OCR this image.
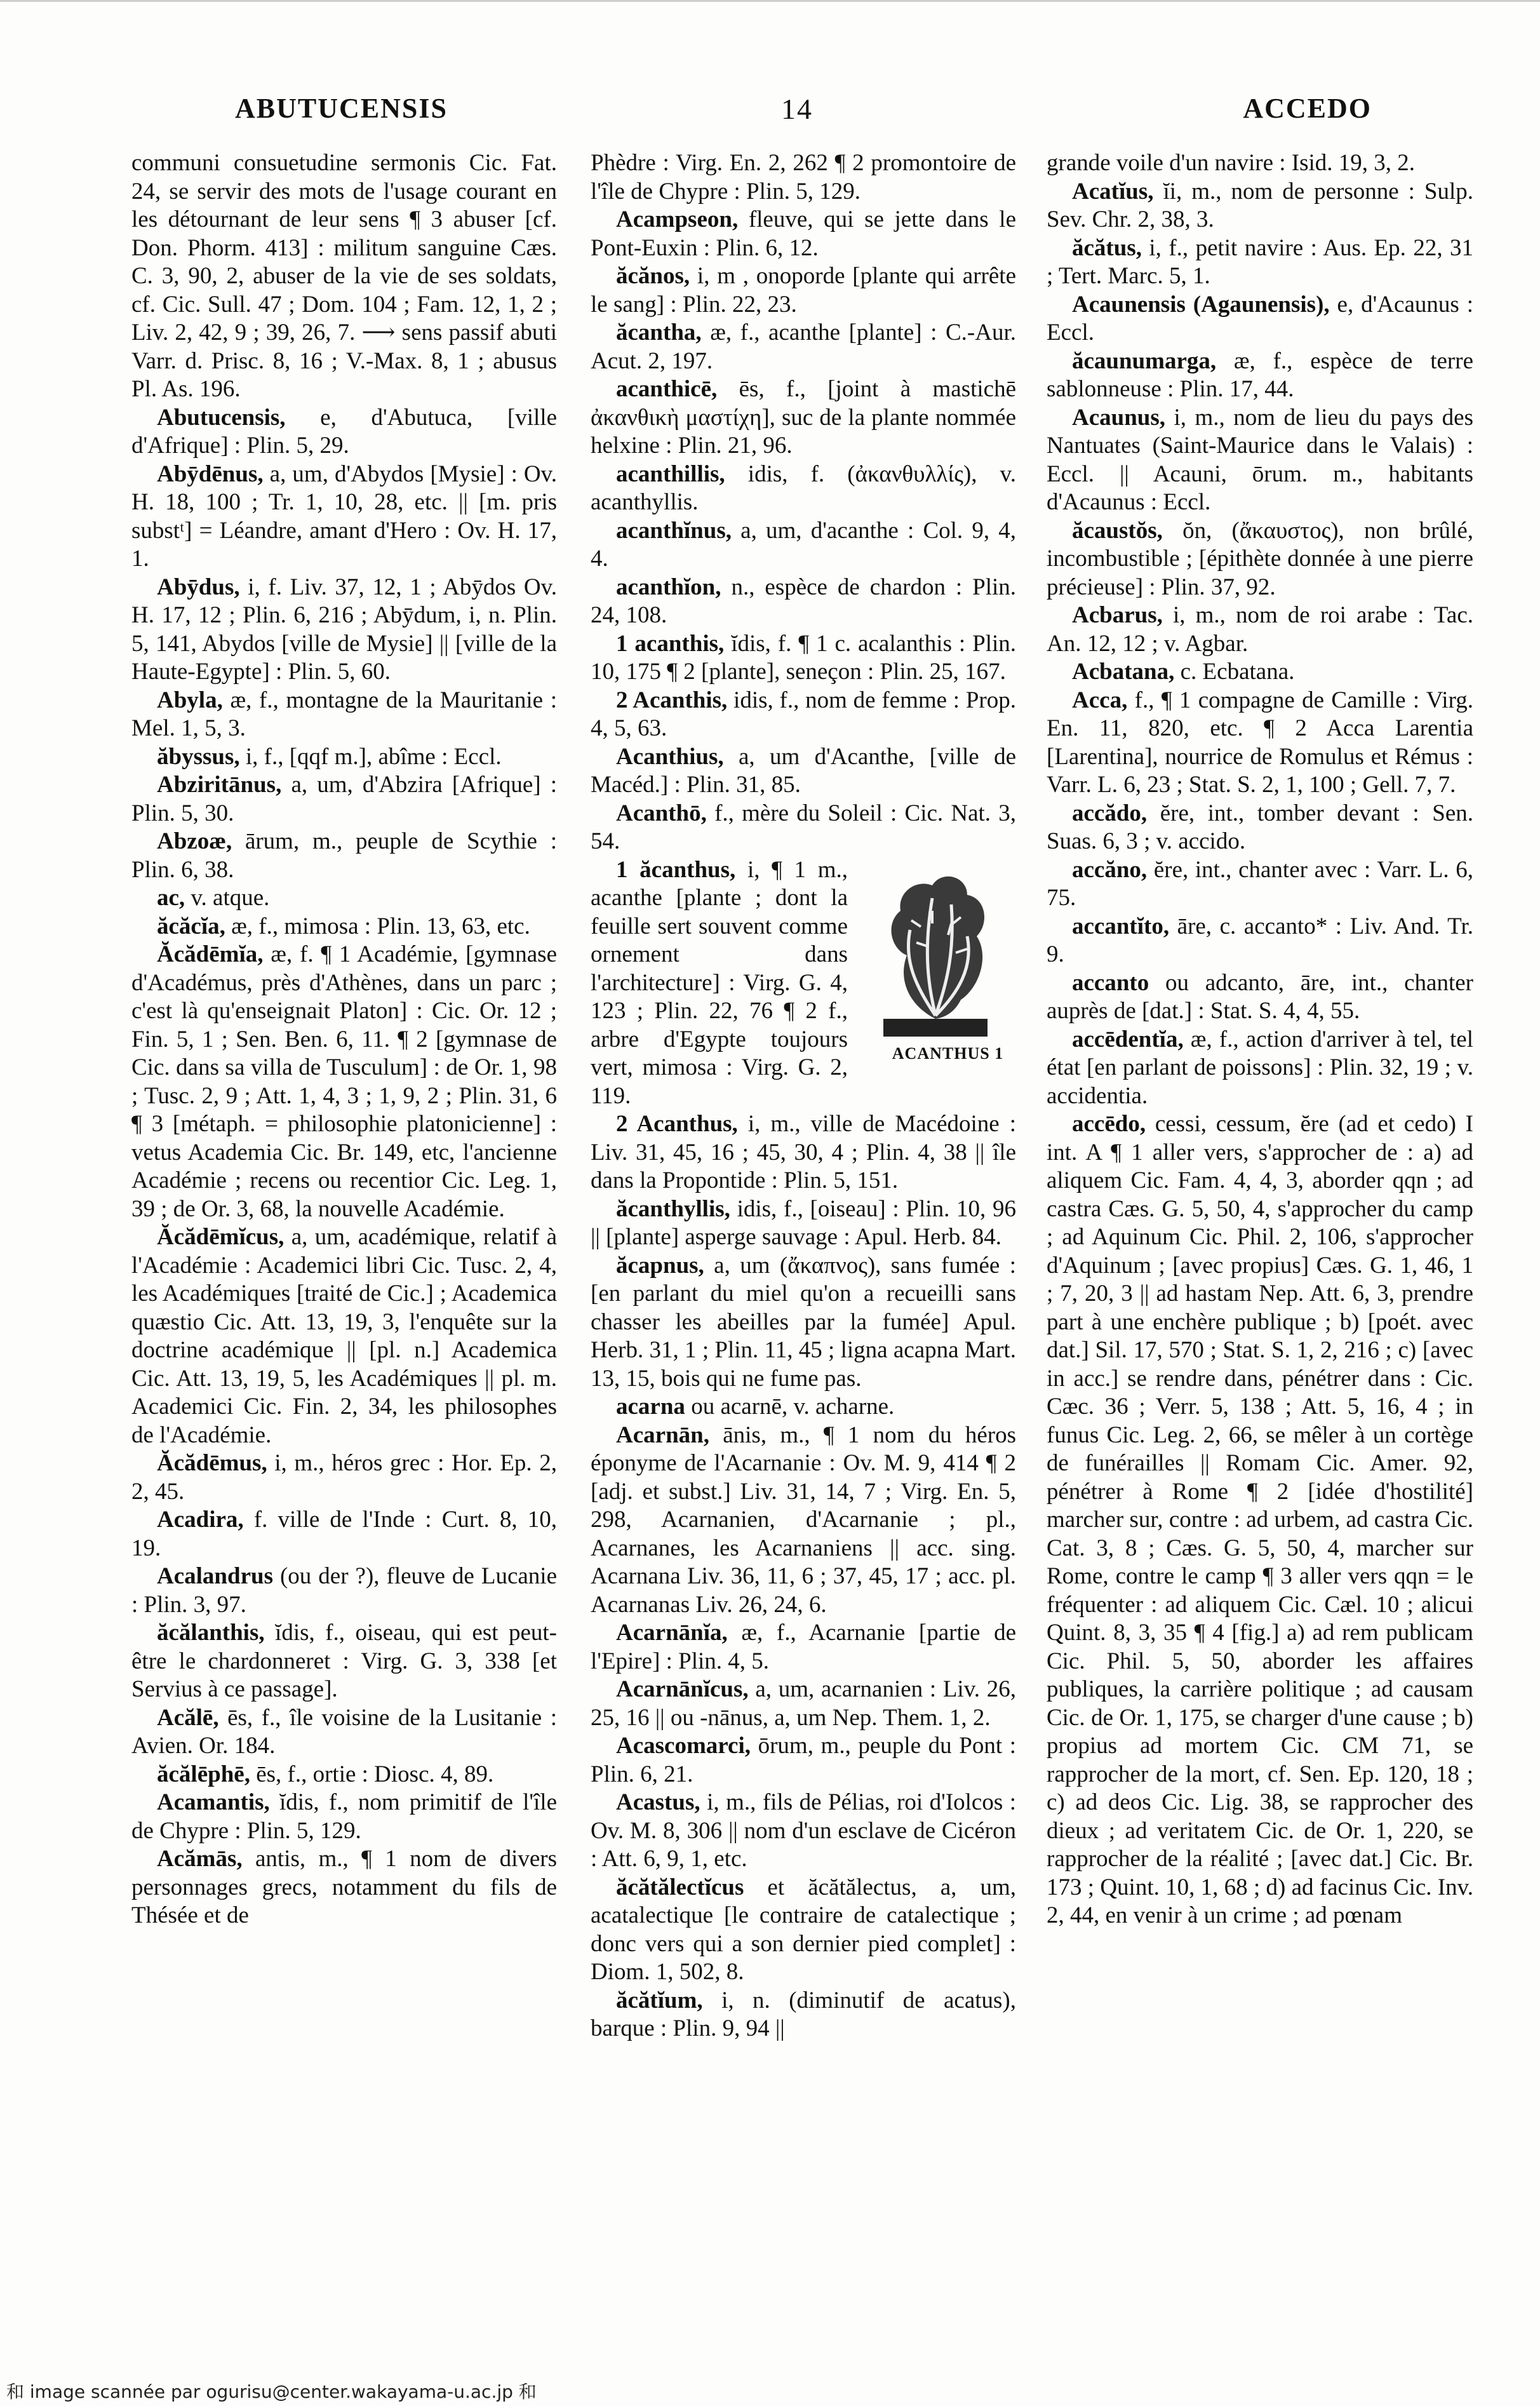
ABUTUCENSIS	14	ACCEDO

communi consuetudine sermonis Cic. Fat. 24, se servir des mots de l'usage courant en les détournant de leur sens ¶ 3 abuser [cf. Don. Phorm. 413] : militum sanguine Cæs. C. 3, 90, 2, abuser de la vie de ses soldats, cf. Cic. Sull. 47 ; Dom. 104 ; Fam. 12, 1, 2 ; Liv. 2, 42, 9 ; 39, 26, 7. ⟶ sens passif abuti Varr. d. Prisc. 8, 16 ; V.-Max. 8, 1 ; abusus Pl. As. 196.

Abutucensis, e, d'Abutuca, [ville d'Afrique] : Plin. 5, 29.

Abȳdēnus, a, um, d'Abydos [Mysie] : Ov. H. 18, 100 ; Tr. 1, 10, 28, etc. || [m. pris substᵗ] = Léandre, amant d'Hero : Ov. H. 17, 1.

Abȳdus, i, f. Liv. 37, 12, 1 ; Abȳdos Ov. H. 17, 12 ; Plin. 6, 216 ; Abȳdum, i, n. Plin. 5, 141, Abydos [ville de Mysie] || [ville de la Haute-Egypte] : Plin. 5, 60.

Abyla, æ, f., montagne de la Mauritanie : Mel. 1, 5, 3.

ăbyssus, i, f., [qqf m.], abîme : Eccl.

Abziritānus, a, um, d'Abzira [Afrique] : Plin. 5, 30.

Abzoæ, ārum, m., peuple de Scythie : Plin. 6, 38.

ac, v. atque.

ăcăcĭa, æ, f., mimosa : Plin. 13, 63, etc.

Ăcădēmĭa, æ, f. ¶ 1 Académie, [gymnase d'Académus, près d'Athènes, dans un parc ; c'est là qu'enseignait Platon] : Cic. Or. 12 ; Fin. 5, 1 ; Sen. Ben. 6, 11. ¶ 2 [gymnase de Cic. dans sa villa de Tusculum] : de Or. 1, 98 ; Tusc. 2, 9 ; Att. 1, 4, 3 ; 1, 9, 2 ; Plin. 31, 6 ¶ 3 [métaph. = philosophie platonicienne] : vetus Academia Cic. Br. 149, etc, l'ancienne Académie ; recens ou recentior Cic. Leg. 1, 39 ; de Or. 3, 68, la nouvelle Académie.

Ăcădēmĭcus, a, um, académique, relatif à l'Académie : Academici libri Cic. Tusc. 2, 4, les Académiques [traité de Cic.] ; Academica quæstio Cic. Att. 13, 19, 3, l'enquête sur la doctrine académique || [pl. n.] Academica Cic. Att. 13, 19, 5, les Académiques || pl. m. Academici Cic. Fin. 2, 34, les philosophes de l'Académie.

Ăcădēmus, i, m., héros grec : Hor. Ep. 2, 2, 45.

Acadira, f. ville de l'Inde : Curt. 8, 10, 19.

Acalandrus (ou der ?), fleuve de Lucanie : Plin. 3, 97.

ăcălanthis, ĭdis, f., oiseau, qui est peut-être le chardonneret : Virg. G. 3, 338 [et Servius à ce passage].

Acălē, ēs, f., île voisine de la Lusitanie : Avien. Or. 184.

ăcălēphē, ēs, f., ortie : Diosc. 4, 89.

Acamantis, ĭdis, f., nom primitif de l'île de Chypre : Plin. 5, 129.

Acămās, antis, m., ¶ 1 nom de divers personnages grecs, notamment du fils de Thésée et de

Phèdre : Virg. En. 2, 262 ¶ 2 promontoire de l'île de Chypre : Plin. 5, 129.

Acampseon, fleuve, qui se jette dans le Pont-Euxin : Plin. 6, 12.

ăcănos, i, m , onoporde [plante qui arrête le sang] : Plin. 22, 23.

ăcantha, æ, f., acanthe [plante] : C.-Aur. Acut. 2, 197.

acanthicē, ēs, f., [joint à mastichē ἀκανθικὴ μαστίχη], suc de la plante nommée helxine : Plin. 21, 96.

acanthillis, idis, f. (ἀκανθυλλίς), v. acanthyllis.

acanthĭnus, a, um, d'acanthe : Col. 9, 4, 4.

acanthĭon, n., espèce de chardon : Plin. 24, 108.

1 acanthis, ĭdis, f. ¶ 1 c. acalanthis : Plin. 10, 175 ¶ 2 [plante], seneçon : Plin. 25, 167.

2 Acanthis, idis, f., nom de femme : Prop. 4, 5, 63.

Acanthius, a, um d'Acanthe, [ville de Macéd.] : Plin. 31, 85.

Acanthō, f., mère du Soleil : Cic. Nat. 3, 54.

ACANTHUS 1
1 ăcanthus, i, ¶ 1 m., acanthe [plante ; dont la feuille sert souvent comme ornement dans l'architecture] : Virg. G. 4, 123 ; Plin. 22, 76 ¶ 2 f., arbre d'Egypte toujours vert, mimosa : Virg. G. 2, 119.

2 Acanthus, i, m., ville de Macédoine : Liv. 31, 45, 16 ; 45, 30, 4 ; Plin. 4, 38 || île dans la Propontide : Plin. 5, 151.

ăcanthyllis, idis, f., [oiseau] : Plin. 10, 96 || [plante] asperge sauvage : Apul. Herb. 84.

ăcapnus, a, um (ἄκαπνος), sans fumée : [en parlant du miel qu'on a recueilli sans chasser les abeilles par la fumée] Apul. Herb. 31, 1 ; Plin. 11, 45 ; ligna acapna Mart. 13, 15, bois qui ne fume pas.

acarna ou acarnē, v. acharne.

Acarnān, ānis, m., ¶ 1 nom du héros éponyme de l'Acarnanie : Ov. M. 9, 414 ¶ 2 [adj. et subst.] Liv. 31, 14, 7 ; Virg. En. 5, 298, Acarnanien, d'Acarnanie ; pl., Acarnanes, les Acarnaniens || acc. sing. Acarnana Liv. 36, 11, 6 ; 37, 45, 17 ; acc. pl. Acarnanas Liv. 26, 24, 6.

Acarnānĭa, æ, f., Acarnanie [partie de l'Epire] : Plin. 4, 5.

Acarnānĭcus, a, um, acarnanien : Liv. 26, 25, 16 || ou -nānus, a, um Nep. Them. 1, 2.

Acascomarci, ōrum, m., peuple du Pont : Plin. 6, 21.

Acastus, i, m., fils de Pélias, roi d'Iolcos : Ov. M. 8, 306 || nom d'un esclave de Cicéron : Att. 6, 9, 1, etc.

ăcătălectĭcus et ăcătălectus, a, um, acatalectique [le contraire de catalectique ; donc vers qui a son dernier pied complet] : Diom. 1, 502, 8.

ăcătĭum, i, n. (diminutif de acatus), barque : Plin. 9, 94 ||

grande voile d'un navire : Isid. 19, 3, 2.

Acatĭus, ĭi, m., nom de personne : Sulp. Sev. Chr. 2, 38, 3.

ăcătus, i, f., petit navire : Aus. Ep. 22, 31 ; Tert. Marc. 5, 1.

Acaunensis (Agaunensis), e, d'Acaunus : Eccl.

ăcaunumarga, æ, f., espèce de terre sablonneuse : Plin. 17, 44.

Acaunus, i, m., nom de lieu du pays des Nantuates (Saint-Maurice dans le Valais) : Eccl. || Acauni, ōrum. m., habitants d'Acaunus : Eccl.

ăcaustŏs, ŏn, (ἄκαυστος), non brûlé, incombustible ; [épithète donnée à une pierre précieuse] : Plin. 37, 92.

Acbarus, i, m., nom de roi arabe : Tac. An. 12, 12 ; v. Agbar.

Acbatana, c. Ecbatana.

Acca, f., ¶ 1 compagne de Camille : Virg. En. 11, 820, etc. ¶ 2 Acca Larentia [Larentina], nourrice de Romulus et Rémus : Varr. L. 6, 23 ; Stat. S. 2, 1, 100 ; Gell. 7, 7.

accădo, ĕre, int., tomber devant : Sen. Suas. 6, 3 ; v. accido.

accăno, ĕre, int., chanter avec : Varr. L. 6, 75.

accantĭto, āre, c. accanto* : Liv. And. Tr. 9.

accanto ou adcanto, āre, int., chanter auprès de [dat.] : Stat. S. 4, 4, 55.

accēdentĭa, æ, f., action d'arriver à tel, tel état [en parlant de poissons] : Plin. 32, 19 ; v. accidentia.

accēdo, cessi, cessum, ĕre (ad et cedo) I int. A ¶ 1 aller vers, s'approcher de : a) ad aliquem Cic. Fam. 4, 4, 3, aborder qqn ; ad castra Cæs. G. 5, 50, 4, s'approcher du camp ; ad Aquinum Cic. Phil. 2, 106, s'approcher d'Aquinum ; [avec propius] Cæs. G. 1, 46, 1 ; 7, 20, 3 || ad hastam Nep. Att. 6, 3, prendre part à une enchère publique ; b) [poét. avec dat.] Sil. 17, 570 ; Stat. S. 1, 2, 216 ; c) [avec in acc.] se rendre dans, pénétrer dans : Cic. Cæc. 36 ; Verr. 5, 138 ; Att. 5, 16, 4 ; in funus Cic. Leg. 2, 66, se mêler à un cortège de funérailles || Romam Cic. Amer. 92, pénétrer à Rome ¶ 2 [idée d'hostilité] marcher sur, contre : ad urbem, ad castra Cic. Cat. 3, 8 ; Cæs. G. 5, 50, 4, marcher sur Rome, contre le camp ¶ 3 aller vers qqn = le fréquenter : ad aliquem Cic. Cæl. 10 ; alicui Quint. 8, 3, 35 ¶ 4 [fig.] a) ad rem publicam Cic. Phil. 5, 50, aborder les affaires publiques, la carrière politique ; ad causam Cic. de Or. 1, 175, se charger d'une cause ; b) propius ad mortem Cic. CM 71, se rapprocher de la mort, cf. Sen. Ep. 120, 18 ; c) ad deos Cic. Lig. 38, se rapprocher des dieux ; ad veritatem Cic. de Or. 1, 220, se rapprocher de la réalité ; [avec dat.] Cic. Br. 173 ; Quint. 10, 1, 68 ; d) ad facinus Cic. Inv. 2, 44, en venir à un crime ; ad pœnam

和 image scannée par ogurisu@center.wakayama-u.ac.jp 和
